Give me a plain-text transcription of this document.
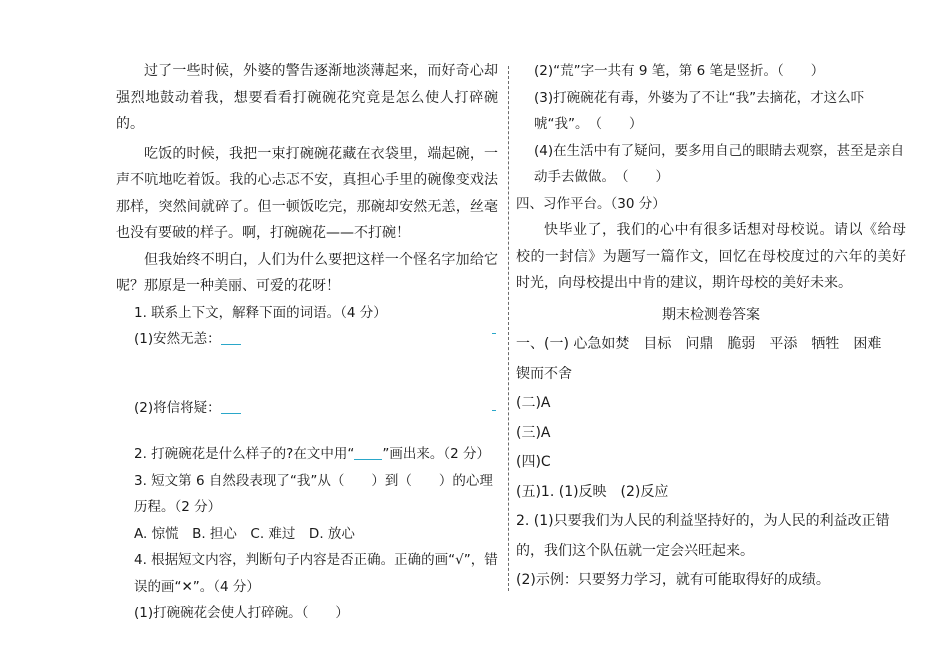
过了一些时候，外婆的警告逐渐地淡薄起来，而好奇心却强烈地鼓动着我，想要看看打碗碗花究竟是怎么使人打碎碗的。

吃饭的时候，我把一束打碗碗花藏在衣袋里，端起碗，一声不吭地吃着饭。我的心忐忑不安，真担心手里的碗像变戏法那样，突然间就碎了。但一顿饭吃完，那碗却安然无恙，丝毫也没有要破的样子。啊，打碗碗花——不打碗！

但我始终不明白，人们为什么要把这样一个怪名字加给它呢？那原是一种美丽、可爱的花呀！

1. 联系上下文，解释下面的词语。（4 分）

(1)安然无恙：

(2)将信将疑：

2. 打碗碗花是什么样子的?在文中用“ ”画出来。（2 分）

3. 短文第 6 自然段表现了“我”从（　　）到（　　）的心理历程。（2 分）

A. 惊慌　B. 担心　C. 难过　D. 放心

4. 根据短文内容，判断句子内容是否正确。正确的画“√”，错误的画“✕”。（4 分）

(1)打碗碗花会使人打碎碗。（　　）

(2)“荒”字一共有 9 笔，第 6 笔是竖折。（　　）

(3)打碗碗花有毒，外婆为了不让“我”去摘花，才这么吓唬“我”。　（　　）

(4)在生活中有了疑问，要多用自己的眼睛去观察，甚至是亲自动手去做做。　（　　）

四、习作平台。（30 分）

快毕业了，我们的心中有很多话想对母校说。请以《给母校的一封信》为题写一篇作文，回忆在母校度过的六年的美好时光，向母校提出中肯的建议，期许母校的美好未来。

期末检测卷答案

一、(一) 心急如焚 目标 问鼎 脆弱 平添 牺牲 困难

锲而不舍

(二)A

(三)A

(四)C

(五)1. (1)反映　(2)反应

2. (1)只要我们为人民的利益坚持好的，为人民的利益改正错的，我们这个队伍就一定会兴旺起来。

(2)示例：只要努力学习，就有可能取得好的成绩。
